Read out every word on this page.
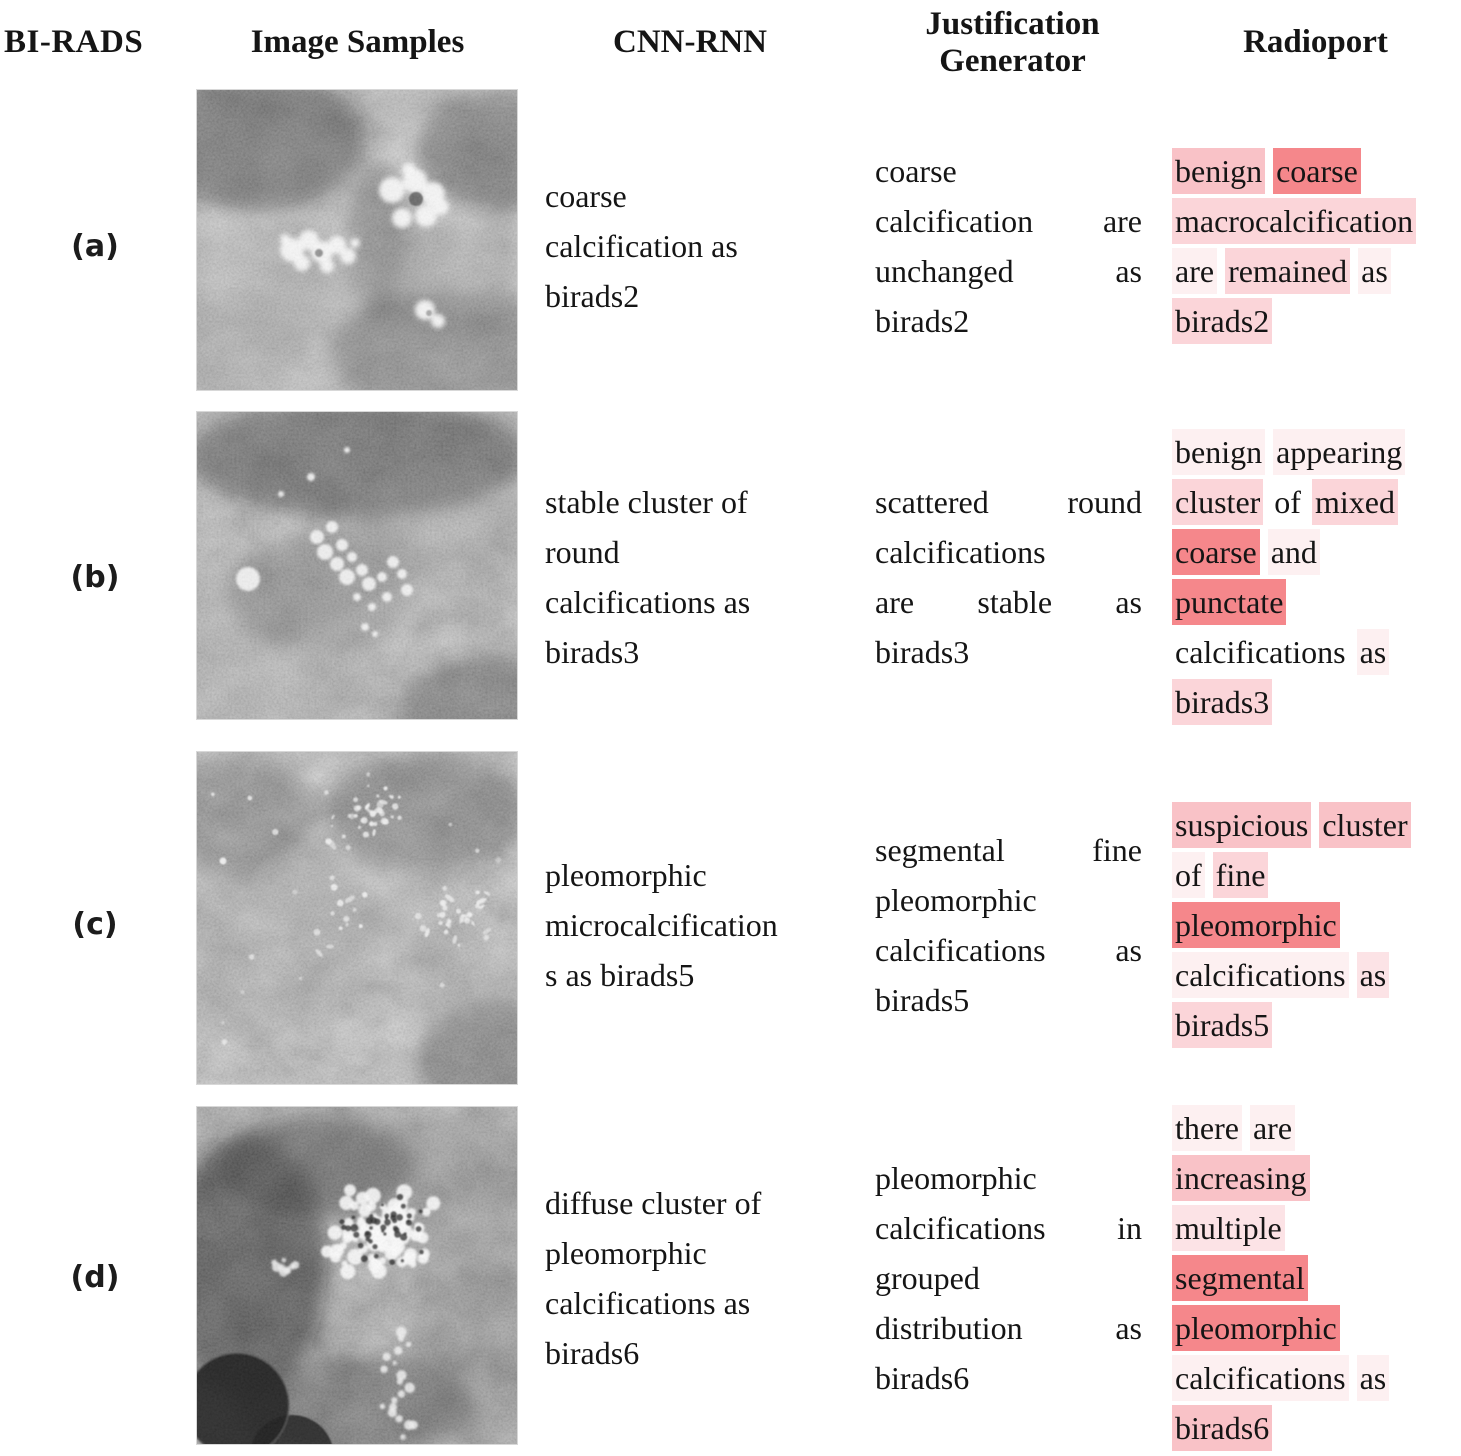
BI-RADS	Image Samples	CNN-RNN
Justification Generator
Radioport
(a)
coarse
calcification as
birads2
coarse
calcification are
unchanged as
birads2
benign coarse
macrocalcification
are remained as
birads2
(b)
stable cluster of
round
calcifications as
birads3
scattered round
calcifications
are stable as
birads3
benign appearing
cluster of mixed
coarse and
punctate
calcifications as
birads3
(c)
pleomorphic
microcalcification
s as birads5
segmental fine
pleomorphic
calcifications as
birads5
suspicious cluster
of fine
pleomorphic
calcifications as
birads5
(d)
diffuse cluster of
pleomorphic
calcifications as
birads6
pleomorphic
calcifications in
grouped
distribution as
birads6
there are
increasing
multiple
segmental
pleomorphic
calcifications as
birads6
